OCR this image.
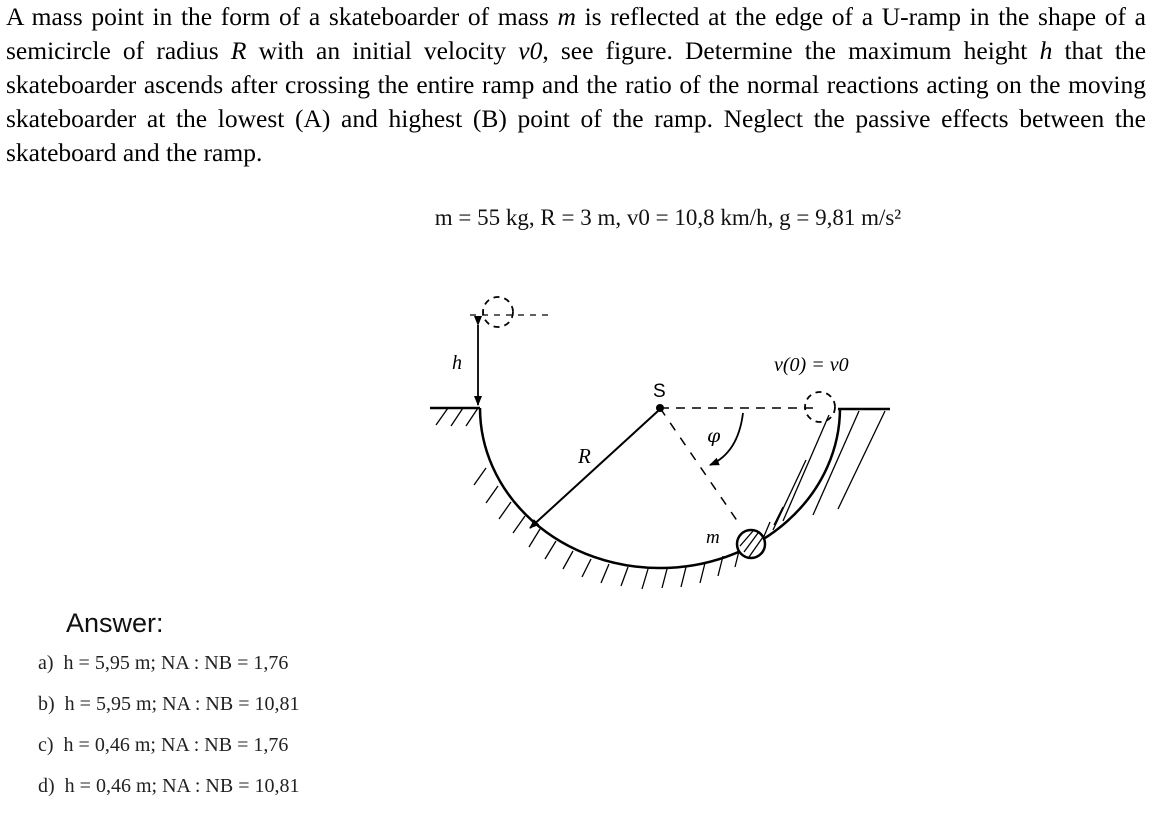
A mass point in the form of a skateboarder of mass m is reflected at the edge of a U-ramp in the shape of a semicircle of radius R with an initial velocity v0, see figure. Determine the maximum height h that the skateboarder ascends after crossing the entire ramp and the ratio of the normal reactions acting on the moving skateboarder at the lowest (A) and highest (B) point of the ramp. Neglect the passive effects between the skateboard and the ramp.

m = 55 kg, R = 3 m, v0 = 10,8 km/h, g = 9,81 m/s²
S
R
φ
m
v(0) = v0
h
Answer:
a) h = 5,95 m; NA : NB = 1,76
b) h = 5,95 m; NA : NB = 10,81
c) h = 0,46 m; NA : NB = 1,76
d) h = 0,46 m; NA : NB = 10,81
